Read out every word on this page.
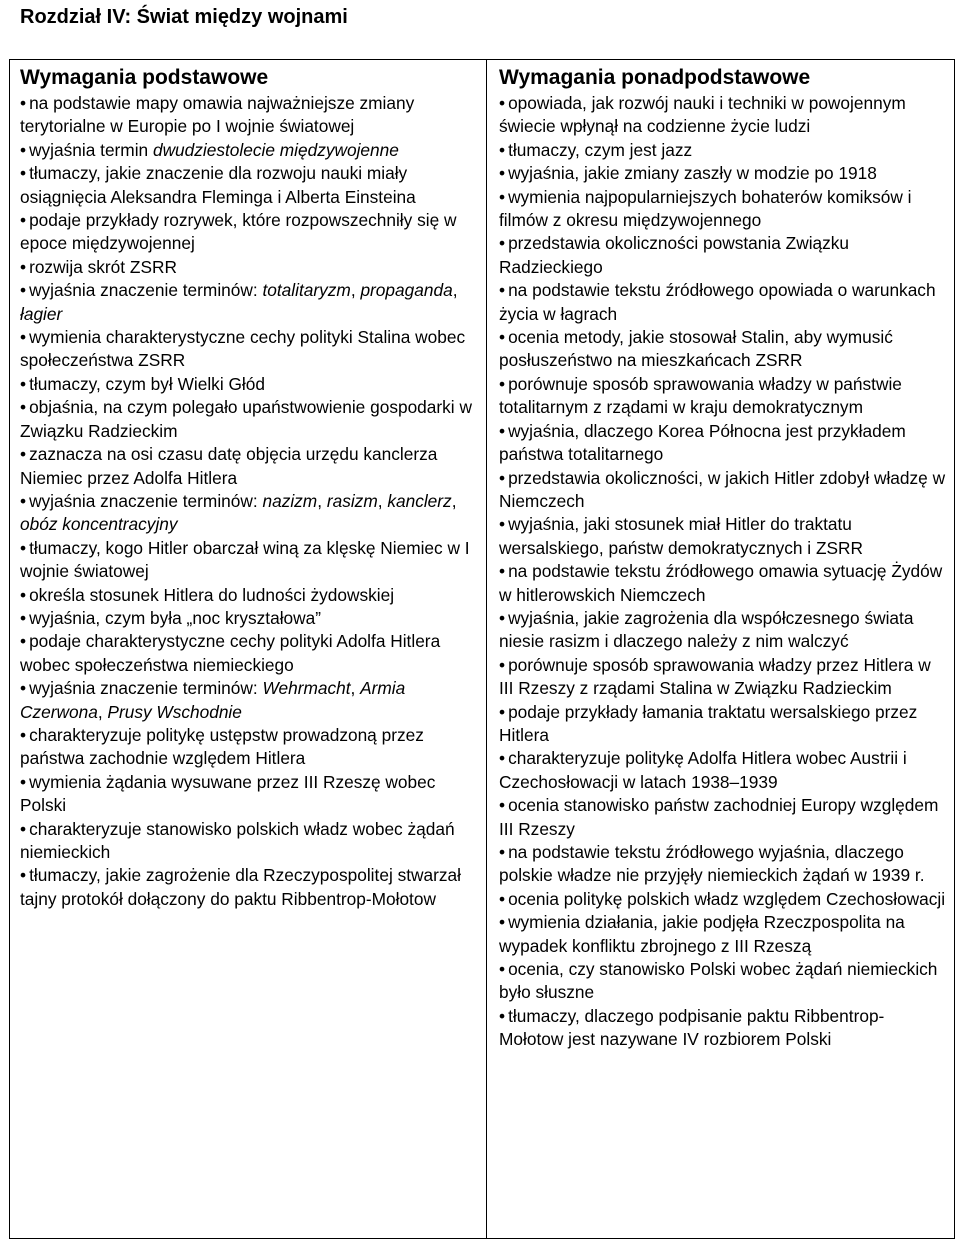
Rozdział IV: Świat między wojnami
Wymagania podstawowe

• na podstawie mapy omawia najważniejsze zmiany terytorialne w Europie po I wojnie światowej

• wyjaśnia termin dwudziestolecie międzywojenne

• tłumaczy, jakie znaczenie dla rozwoju nauki miały osiągnięcia Aleksandra Fleminga i Alberta Einsteina

• podaje przykłady rozrywek, które rozpowszechniły się w epoce międzywojennej

• rozwija skrót ZSRR

• wyjaśnia znaczenie terminów: totalitaryzm, propaganda, łagier

• wymienia charakterystyczne cechy polityki Stalina wobec społeczeństwa ZSRR

• tłumaczy, czym był Wielki Głód

• objaśnia, na czym polegało upaństwowienie gospodarki w Związku Radzieckim

• zaznacza na osi czasu datę objęcia urzędu kanclerza Niemiec przez Adolfa Hitlera

• wyjaśnia znaczenie terminów: nazizm, rasizm, kanclerz, obóz koncentracyjny

• tłumaczy, kogo Hitler obarczał winą za klęskę Niemiec w I wojnie światowej

• określa stosunek Hitlera do ludności żydowskiej

• wyjaśnia, czym była „noc kryształowa”

• podaje charakterystyczne cechy polityki Adolfa Hitlera wobec społeczeństwa niemieckiego

• wyjaśnia znaczenie terminów: Wehrmacht, Armia Czerwona, Prusy Wschodnie

• charakteryzuje politykę ustępstw prowadzoną przez państwa zachodnie względem Hitlera

• wymienia żądania wysuwane przez III Rzeszę wobec Polski

• charakteryzuje stanowisko polskich władz wobec żądań niemieckich

• tłumaczy, jakie zagrożenie dla Rzeczypospolitej stwarzał tajny protokół dołączony do paktu Ribbentrop-Mołotow

Wymagania ponadpodstawowe

• opowiada, jak rozwój nauki i techniki w powojennym świecie wpłynął na codzienne życie ludzi

• tłumaczy, czym jest jazz

• wyjaśnia, jakie zmiany zaszły w modzie po 1918

• wymienia najpopularniejszych bohaterów komiksów i filmów z okresu międzywojennego

• przedstawia okoliczności powstania Związku Radzieckiego

• na podstawie tekstu źródłowego opowiada o warunkach życia w łagrach

• ocenia metody, jakie stosował Stalin, aby wymusić posłuszeństwo na mieszkańcach ZSRR

• porównuje sposób sprawowania władzy w państwie totalitarnym z rządami w kraju demokratycznym

• wyjaśnia, dlaczego Korea Północna jest przykładem państwa totalitarnego

• przedstawia okoliczności, w jakich Hitler zdobył władzę w Niemczech

• wyjaśnia, jaki stosunek miał Hitler do traktatu wersalskiego, państw demokratycznych i ZSRR

• na podstawie tekstu źródłowego omawia sytuację Żydów w hitlerowskich Niemczech

• wyjaśnia, jakie zagrożenia dla współczesnego świata niesie rasizm i dlaczego należy z nim walczyć

• porównuje sposób sprawowania władzy przez Hitlera w III Rzeszy z rządami Stalina w Związku Radzieckim

• podaje przykłady łamania traktatu wersalskiego przez Hitlera

• charakteryzuje politykę Adolfa Hitlera wobec Austrii i Czechosłowacji w latach 1938–1939

• ocenia stanowisko państw zachodniej Europy względem III Rzeszy

• na podstawie tekstu źródłowego wyjaśnia, dlaczego polskie władze nie przyjęły niemieckich żądań w 1939 r.

• ocenia politykę polskich władz względem Czechosłowacji

• wymienia działania, jakie podjęła Rzeczpospolita na wypadek konfliktu zbrojnego z III Rzeszą

• ocenia, czy stanowisko Polski wobec żądań niemieckich było słuszne

• tłumaczy, dlaczego podpisanie paktu Ribbentrop- Mołotow jest nazywane IV rozbiorem Polski
